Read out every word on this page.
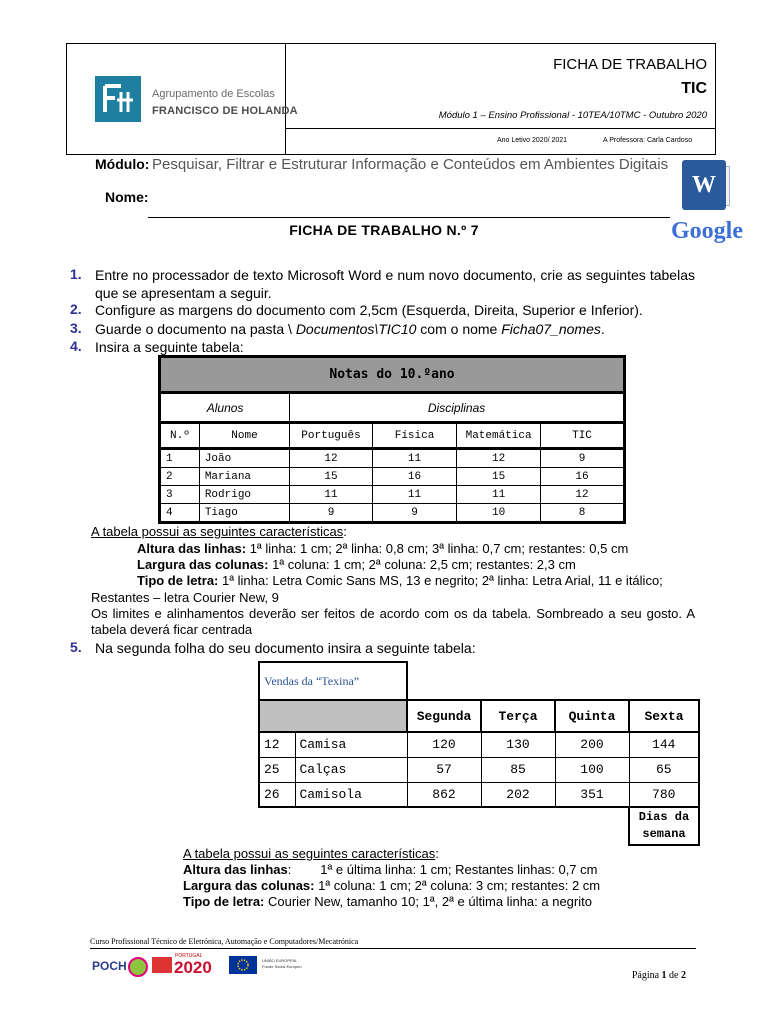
Agrupamento de Escolas
FRANCISCO DE HOLANDA
FICHA DE TRABALHO
TIC
Módulo 1 – Ensino Profissional - 10TEA/10TMC - Outubro 2020
Ano Letivo 2020/ 2021	A Professora: Carla Cardoso
Módulo: Pesquisar, Filtrar e Estruturar Informação e Conteúdos em Ambientes Digitais
Nome:	W
Google
FICHA DE TRABALHO N.º 7
1. Entre no processador de texto Microsoft Word e num novo documento, crie as seguintes tabelas que se apresentam a seguir.
2. Configure as margens do documento com 2,5cm (Esquerda, Direita, Superior e Inferior).
3. Guarde o documento na pasta \ Documentos\TIC10 com o nome Ficha07_nomes.
4. Insira a seguinte tabela:
Notas do 10.ºano					
Alunos		Disciplinas			
N.º	Nome	Português	Física	Matemática	TIC
1	João	12	11	12	9
2	Mariana	15	16	15	16
3	Rodrigo	11	11	11	12
4	Tiago	9	9	10	8
A tabela possui as seguintes características:
Altura das linhas: 1ª linha: 1 cm; 2ª linha: 0,8 cm; 3ª linha: 0,7 cm; restantes: 0,5 cm
Largura das colunas: 1ª coluna: 1 cm; 2ª coluna: 2,5 cm; restantes: 2,3 cm
Tipo de letra: 1ª linha: Letra Comic Sans MS, 13 e negrito; 2ª linha: Letra Arial, 11 e itálico;
Restantes – letra Courier New, 9
Os limites e alinhamentos deverão ser feitos de acordo com os da tabela. Sombreado a seu gosto. A tabela deverá ficar centrada
5. Na segunda folha do seu documento insira a seguinte tabela:
Vendas da “Texina”					
		Segunda	Terça	Quinta	Sexta
12	Camisa	120	130	200	144
25	Calças	57	85	100	65
26	Camisola	862	202	351	780
					Dias da
semana
A tabela possui as seguintes características:
Altura das linhas:        1ª e última linha: 1 cm; Restantes linhas: 0,7 cm
Largura das colunas: 1ª coluna: 1 cm; 2ª coluna: 3 cm; restantes: 2 cm
Tipo de letra: Courier New, tamanho 10; 1ª, 2ª e última linha: a negrito
Curso Profissional Técnico de Eletrónica, Automação e Computadores/Mecatrónica
POCH
PORTUGAL
2020	UNIÃO EUROPEIA
Fundo Social Europeu
Página 1 de 2
